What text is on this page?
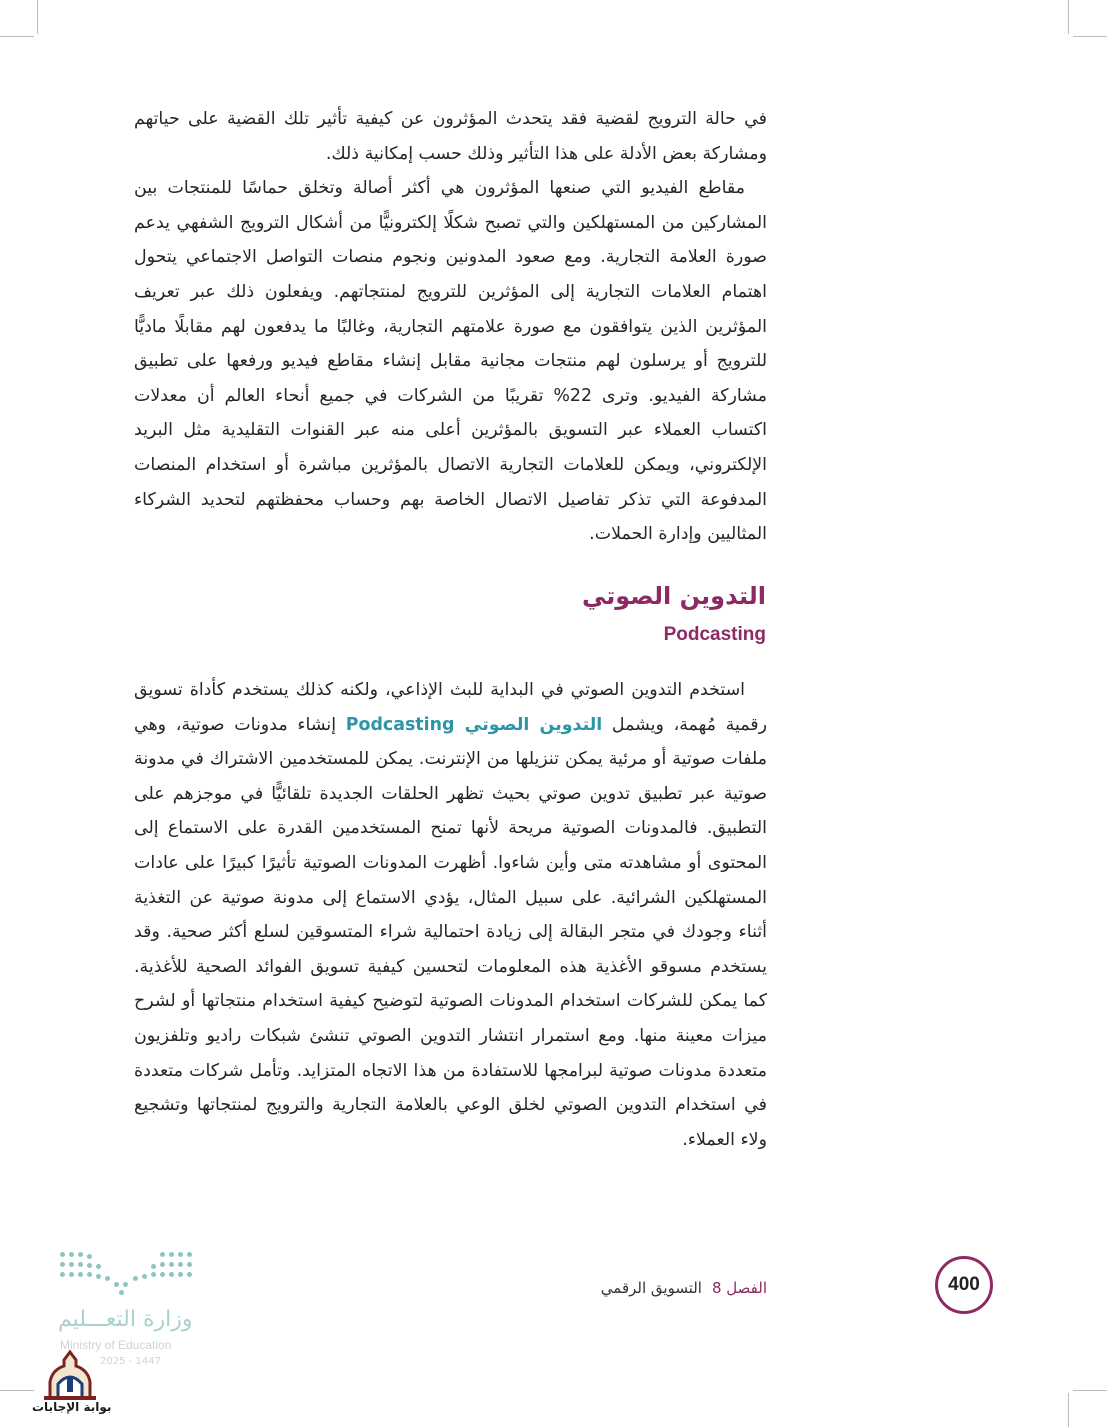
في حالة الترويج لقضية فقد يتحدث المؤثرون عن كيفية تأثير تلك القضية على حياتهم ومشاركة بعض الأدلة على هذا التأثير وذلك حسب إمكانية ذلك.

مقاطع الفيديو التي صنعها المؤثرون هي أكثر أصالة وتخلق حماسًا للمنتجات بين المشاركين من المستهلكين والتي تصبح شكلًا إلكترونيًّا من أشكال الترويج الشفهي يدعم صورة العلامة التجارية. ومع صعود المدونين ونجوم منصات التواصل الاجتماعي يتحول اهتمام العلامات التجارية إلى المؤثرين للترويج لمنتجاتهم. ويفعلون ذلك عبر تعريف المؤثرين الذين يتوافقون مع صورة علامتهم التجارية، وغالبًا ما يدفعون لهم مقابلًا ماديًّا للترويج أو يرسلون لهم منتجات مجانية مقابل إنشاء مقاطع فيديو ورفعها على تطبيق مشاركة الفيديو. وترى 22% تقريبًا من الشركات في جميع أنحاء العالم أن معدلات اكتساب العملاء عبر التسويق بالمؤثرين أعلى منه عبر القنوات التقليدية مثل البريد الإلكتروني، ويمكن للعلامات التجارية الاتصال بالمؤثرين مباشرة أو استخدام المنصات المدفوعة التي تذكر تفاصيل الاتصال الخاصة بهم وحساب محفظتهم لتحديد الشركاء المثاليين وإدارة الحملات.

التدوين الصوتي
Podcasting

استخدم التدوين الصوتي في البداية للبث الإذاعي، ولكنه كذلك يستخدم كأداة تسويق رقمية مُهمة، ويشمل التدوين الصوتي Podcasting إنشاء مدونات صوتية، وهي ملفات صوتية أو مرئية يمكن تنزيلها من الإنترنت. يمكن للمستخدمين الاشتراك في مدونة صوتية عبر تطبيق تدوين صوتي بحيث تظهر الحلقات الجديدة تلقائيًّا في موجزهم على التطبيق. فالمدونات الصوتية مريحة لأنها تمنح المستخدمين القدرة على الاستماع إلى المحتوى أو مشاهدته متى وأين شاءوا. أظهرت المدونات الصوتية تأثيرًا كبيرًا على عادات المستهلكين الشرائية. على سبيل المثال، يؤدي الاستماع إلى مدونة صوتية عن التغذية أثناء وجودك في متجر البقالة إلى زيادة احتمالية شراء المتسوقين لسلع أكثر صحية. وقد يستخدم مسوقو الأغذية هذه المعلومات لتحسين كيفية تسويق الفوائد الصحية للأغذية. كما يمكن للشركات استخدام المدونات الصوتية لتوضيح كيفية استخدام منتجاتها أو لشرح ميزات معينة منها. ومع استمرار انتشار التدوين الصوتي تنشئ شبكات راديو وتلفزيون متعددة مدونات صوتية لبرامجها للاستفادة من هذا الاتجاه المتزايد. وتأمل شركات متعددة في استخدام التدوين الصوتي لخلق الوعي بالعلامة التجارية والترويج لمنتجاتها وتشجيع ولاء العملاء.

400
الفصل 8التسويق الرقمي
وزارة التعـــليم
Ministry of Education
2025 - 1447
بوابة الإجابات
